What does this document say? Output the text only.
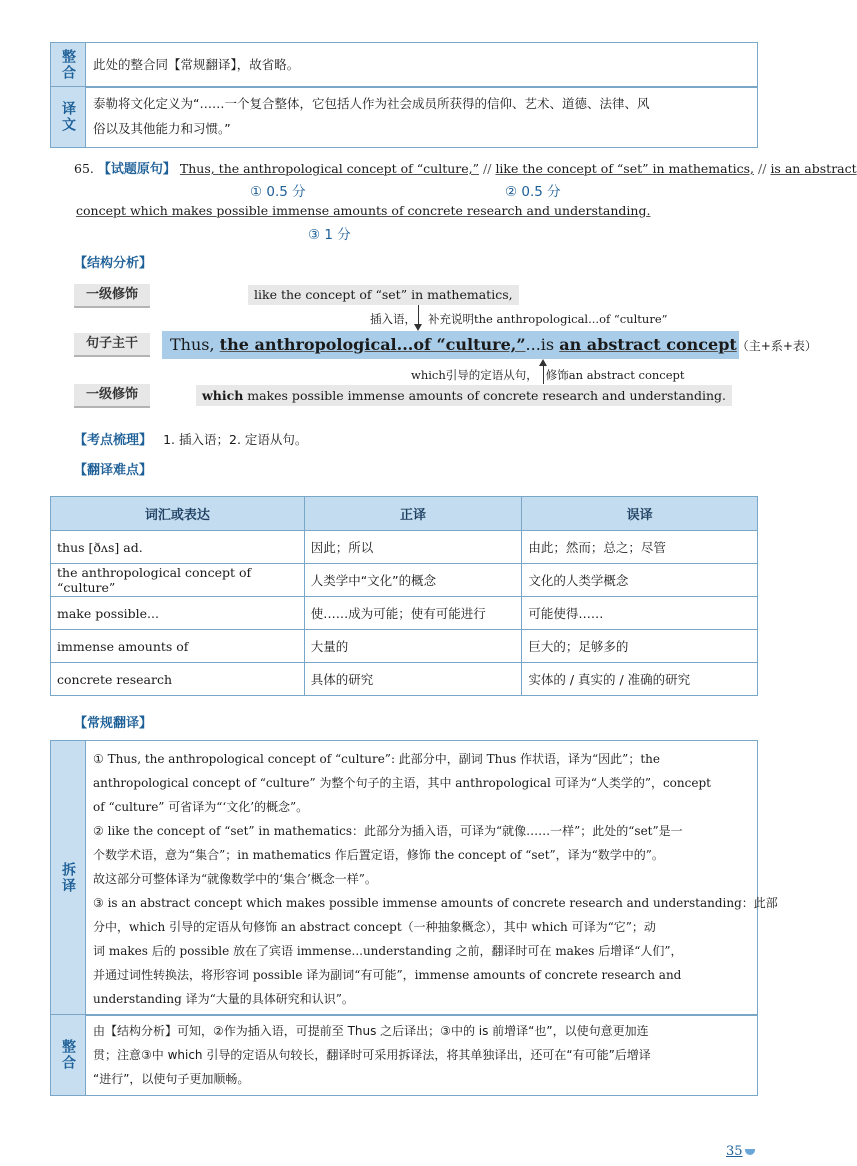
整合	此处的整合同【常规翻译】，故省略。
译文	泰勒将文化定义为“……一个复合整体，它包括人作为社会成员所获得的信仰、艺术、道德、法律、风
俗以及其他能力和习惯。”
65. 【试题原句】 Thus, the anthropological concept of “culture,” // like the concept of “set” in mathematics, // is an abstract
① 0.5 分	② 0.5 分
concept which makes possible immense amounts of concrete research and understanding.
③ 1 分
【结构分析】
一级修饰	like the concept of “set” in mathematics,
插入语， 补充说明the anthropological...of “culture”
句子主干	Thus, the anthropological...of “culture,”...is an abstract concept（主+系+表）
which引导的定语从句， 修饰an abstract concept
一级修饰	which makes possible immense amounts of concrete research and understanding.
【考点梳理】 1. 插入语；2. 定语从句。
【翻译难点】
词汇或表达	正译	误译
thus [ðʌs] ad.	因此；所以	由此；然而；总之；尽管
the anthropological concept of “culture”	人类学中“文化”的概念	文化的人类学概念
make possible...	使……成为可能；使有可能进行	可能使得……
immense amounts of	大量的	巨大的；足够多的
concrete research	具体的研究	实体的 / 真实的 / 准确的研究
【常规翻译】
拆译
① Thus, the anthropological concept of “culture”: 此部分中，副词 Thus 作状语，译为“因此”；the
anthropological concept of “culture” 为整个句子的主语，其中 anthropological 可译为“人类学的”，concept
of “culture” 可省译为“‘文化’的概念”。
② like the concept of “set” in mathematics：此部分为插入语，可译为“就像……一样”；此处的“set”是一
个数学术语，意为“集合”；in mathematics 作后置定语，修饰 the concept of “set”，译为“数学中的”。
故这部分可整体译为“就像数学中的‘集合’概念一样”。
③ is an abstract concept which makes possible immense amounts of concrete research and understanding：此部
分中，which 引导的定语从句修饰 an abstract concept（一种抽象概念），其中 which 可译为“它”；动
词 makes 后的 possible 放在了宾语 immense...understanding 之前，翻译时可在 makes 后增译“人们”，
并通过词性转换法，将形容词 possible 译为副词“有可能”，immense amounts of concrete research and
understanding 译为“大量的具体研究和认识”。
整合
由【结构分析】可知，②作为插入语，可提前至 Thus 之后译出；③中的 is 前增译“也”，以使句意更加连
贯；注意③中 which 引导的定语从句较长，翻译时可采用拆译法，将其单独译出，还可在“有可能”后增译
“进行”，以使句子更加顺畅。
35
